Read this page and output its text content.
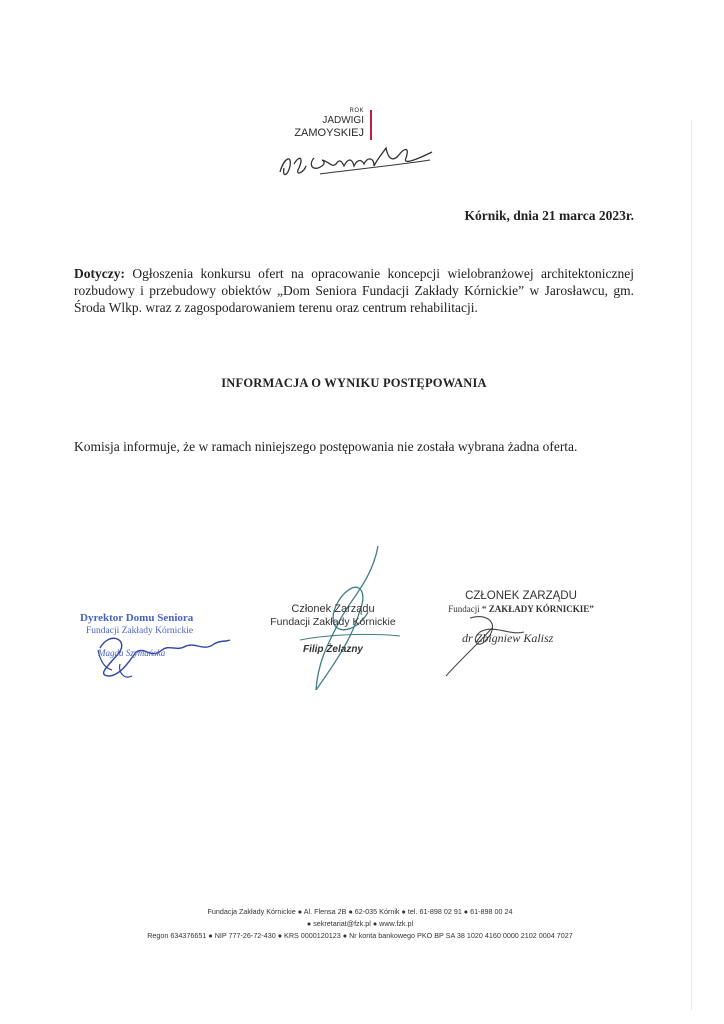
ROK
JADWIGI
ZAMOYSKIEJ
Kórnik, dnia 21 marca 2023r.
Dotyczy: Ogłoszenia konkursu ofert na opracowanie koncepcji wielobranżowej architektonicznej rozbudowy i przebudowy obiektów „Dom Seniora Fundacji Zakłady Kórnickie” w Jarosławcu, gm. Środa Wlkp. wraz z zagospodarowaniem terenu oraz centrum rehabilitacji.
INFORMACJA O WYNIKU POSTĘPOWANIA
Komisja informuje, że w ramach niniejszego postępowania nie została wybrana żadna oferta.
Dyrektor Domu Seniora
Fundacji Zakłady Kórnickie
Magda Szymańska
Członek Zarządu
Fundacji Zakłady Kórnickie
Filip Żelazny
CZŁONEK ZARZĄDU
Fundacji “ ZAKŁADY KÓRNICKIE”
dr Zbigniew Kalisz
Fundacja Zakłady Kórnickie ● Al. Flensa 2B ● 62-035 Kórnik ● tel. 61-898 02 91 ● 61-898 00 24
● sekretariat@fzk.pl ● www.fzk.pl
Regon 634376651 ● NIP 777-26-72-430 ● KRS 0000120123 ● Nr konta bankowego PKO BP SA 38 1020 4160 0000 2102 0004 7027
